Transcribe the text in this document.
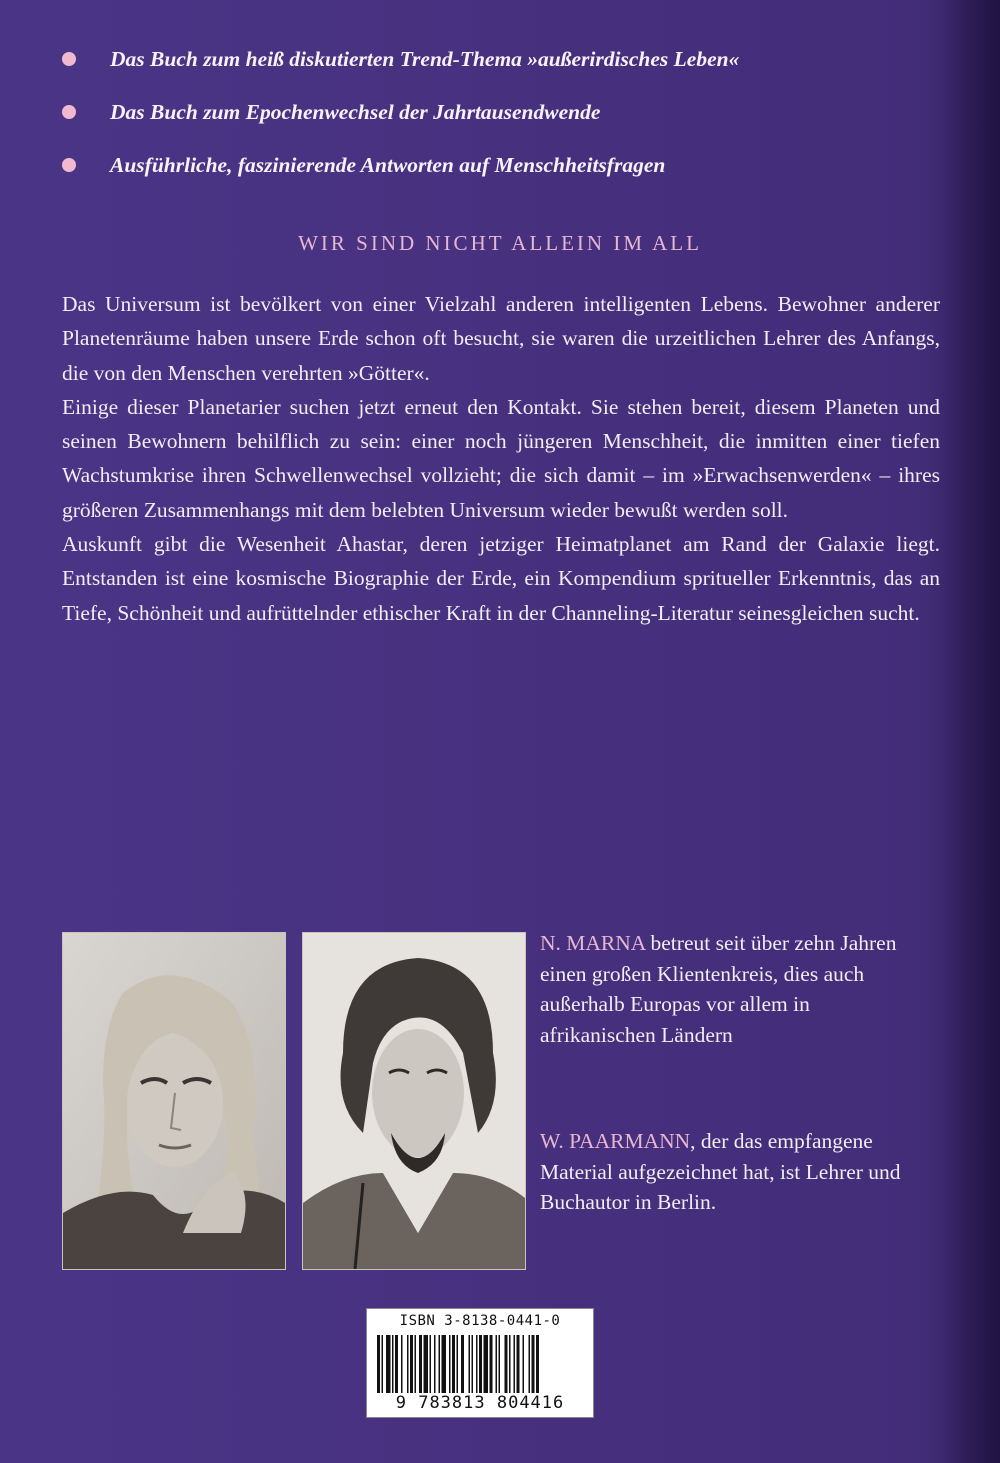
Das Buch zum heiß diskutierten Trend-Thema »außerirdisches Leben«
Das Buch zum Epochenwechsel der Jahrtausendwende
Ausführliche, faszinierende Antworten auf Menschheitsfragen
WIR SIND NICHT ALLEIN IM ALL

Das Universum ist bevölkert von einer Vielzahl anderen intelligenten Lebens. Bewohner anderer Planetenräume haben unsere Erde schon oft besucht, sie waren die urzeitlichen Lehrer des Anfangs, die von den Menschen verehrten »Götter«.

Einige dieser Planetarier suchen jetzt erneut den Kontakt. Sie stehen bereit, diesem Planeten und seinen Bewohnern behilflich zu sein: einer noch jüngeren Menschheit, die inmitten einer tiefen Wachstumkrise ihren Schwellenwechsel vollzieht; die sich damit – im »Erwachsenwerden« – ihres größeren Zusammenhangs mit dem belebten Universum wieder bewußt werden soll.

Auskunft gibt die Wesenheit Ahastar, deren jetziger Heimatplanet am Rand der Galaxie liegt. Entstanden ist eine kosmische Biographie der Erde, ein Kompendium spritueller Erkenntnis, das an Tiefe, Schönheit und aufrüttelnder ethischer Kraft in der Channeling-Literatur seinesgleichen sucht.

N. MARNA betreut seit über zehn Jahren einen großen Klientenkreis, dies auch außerhalb Europas vor allem in afrikanischen Ländern
W. PAARMANN, der das empfangene Material aufgezeichnet hat, ist Lehrer und Buchautor in Berlin.
ISBN 3-8138-0441-0
9 783813 804416
